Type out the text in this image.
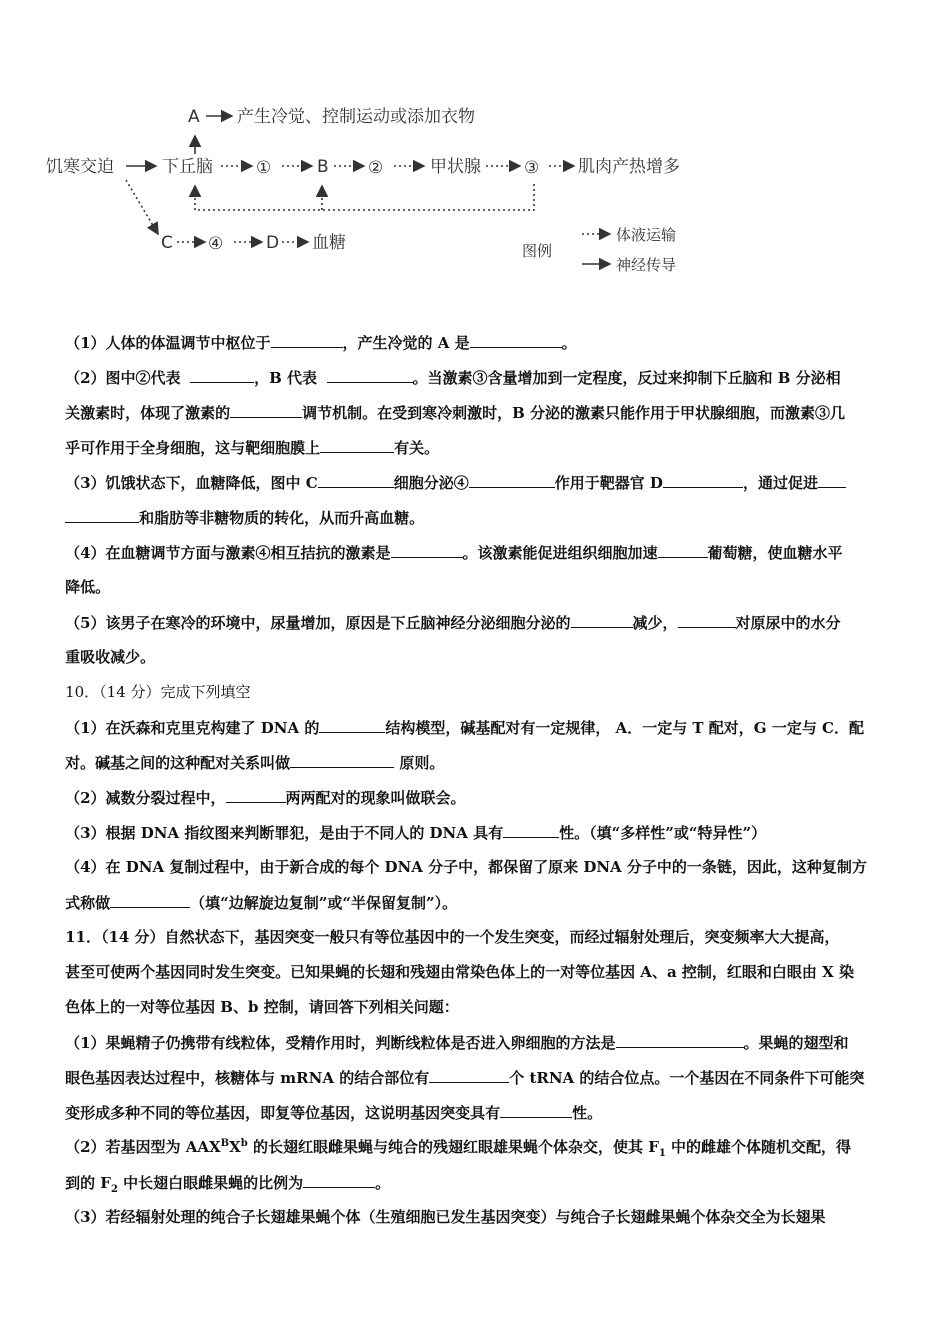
饥寒交迫	下丘脑
A 产生冷觉、控制运动或添加衣物
①	B ②	甲状腺	③ 肌肉产热增多
C ④	D 血糖	图例
体液运输
神经传导

（1）人体的体温调节中枢位于	，产生冷觉的 A 是	。

（2）图中②代表	，B 代表	。当激素③含量增加到一定程度，反过来抑制下丘脑和 B 分泌相

关激素时，体现了激素的	调节机制。在受到寒冷刺激时，B 分泌的激素只能作用于甲状腺细胞，而激素③几

乎可作用于全身细胞，这与靶细胞膜上	有关。

（3）饥饿状态下，血糖降低，图中 C	细胞分泌④	作用于靶器官 D	，通过促进

和脂肪等非糖物质的转化，从而升高血糖。

（4）在血糖调节方面与激素④相互拮抗的激素是	。该激素能促进组织细胞加速	葡萄糖，使血糖水平

降低。

（5）该男子在寒冷的环境中，尿量增加，原因是下丘脑神经分泌细胞分泌的	减少，	对原尿中的水分

重吸收减少。

10．（14 分）完成下列填空

（1）在沃森和克里克构建了 DNA 的	结构模型，碱基配对有一定规律， A．一定与 T 配对，G 一定与 C．配

对。碱基之间的这种配对关系叫做	原则。

（2）减数分裂过程中，	两两配对的现象叫做联会。

（3）根据 DNA 指纹图来判断罪犯，是由于不同人的 DNA 具有	性。（填“多样性”或“特异性”）

（4）在 DNA 复制过程中，由于新合成的每个 DNA 分子中，都保留了原来 DNA 分子中的一条链，因此，这种复制方

式称做	（填“边解旋边复制”或“半保留复制”）。

11．（14 分）自然状态下，基因突变一般只有等位基因中的一个发生突变，而经过辐射处理后，突变频率大大提高，

甚至可使两个基因同时发生突变。已知果蝇的长翅和残翅由常染色体上的一对等位基因 A、a 控制，红眼和白眼由 X 染

色体上的一对等位基因 B、b 控制，请回答下列相关问题：

（1）果蝇精子仍携带有线粒体，受精作用时，判断线粒体是否进入卵细胞的方法是	。果蝇的翅型和

眼色基因表达过程中，核糖体与 mRNA 的结合部位有	个 tRNA 的结合位点。一个基因在不同条件下可能突

变形成多种不同的等位基因，即复等位基因，这说明基因突变具有	性。

（2）若基因型为 $AAX^BX^b$ 的长翅红眼雌果蝇与纯合的残翅红眼雄果蝇个体杂交，使其 $F_1$ 中的雌雄个体随机交配，得

到的 $F_2$ 中长翅白眼雌果蝇的比例为	。

（3）若经辐射处理的纯合子长翅雄果蝇个体（生殖细胞已发生基因突变）与纯合子长翅雌果蝇个体杂交全为长翅果
